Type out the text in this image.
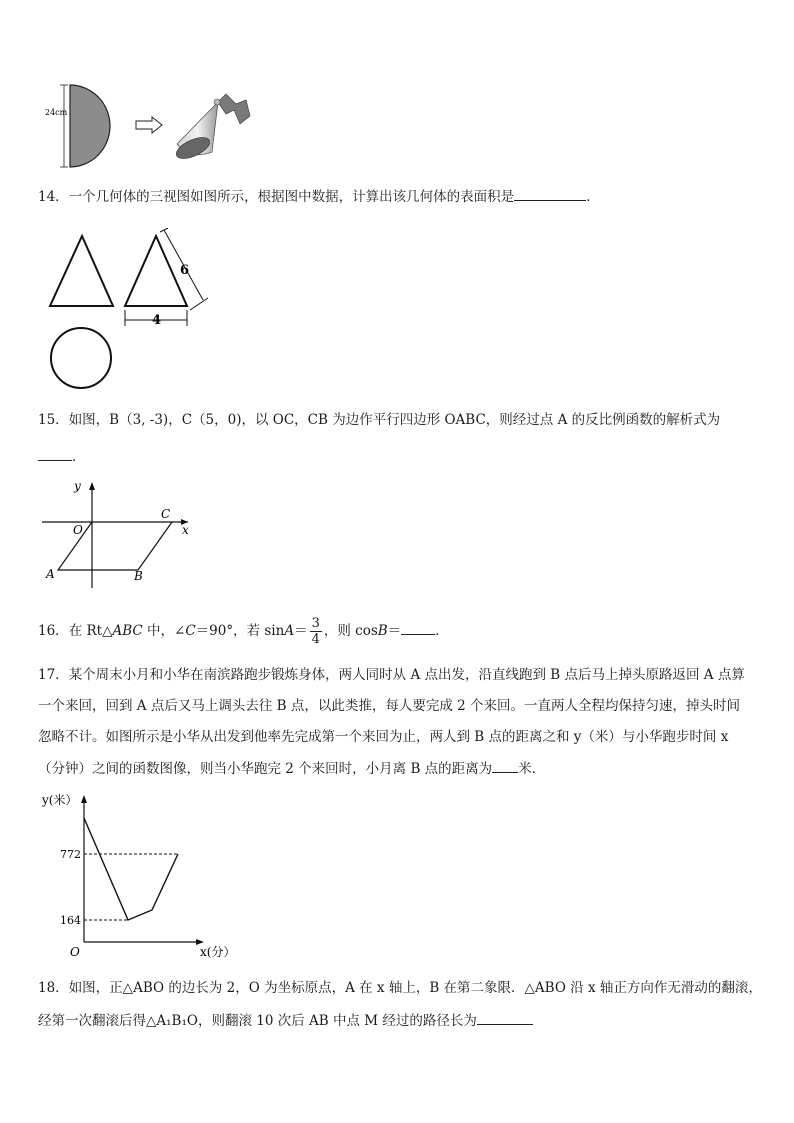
24cm
14．一个几何体的三视图如图所示，根据图中数据，计算出该几何体的表面积是	．
6
4
15．如图，B（3, -3)，C（5，0)，以 OC，CB 为边作平行四边形 OABC，则经过点 A 的反比例函数的解析式为
．
y
x
O
C
A	B
16．在 Rt△ABC 中，∠C＝90°，若 $\sin A= \frac{3}{4}$ ，则 cosB＝	．
17．某个周末小月和小华在南滨路跑步锻炼身体，两人同时从 A 点出发，沿直线跑到 B 点后马上掉头原路返回 A 点算
一个来回，回到 A 点后又马上调头去往 B 点，以此类推，每人要完成 2 个来回。一直两人全程均保持匀速，掉头时间
忽略不计。如图所示是小华从出发到他率先完成第一个来回为止，两人到 B 点的距离之和 y（米）与小华跑步时间 x
（分钟）之间的函数图像，则当小华跑完 2 个来回时，小月离 B 点的距离为 米．
y(米）
x(分）
O
772
164
18．如图，正△ABO 的边长为 2，O 为坐标原点，A 在 x 轴上，B 在第二象限．△ABO 沿 x 轴正方向作无滑动的翻滚，
经第一次翻滚后得△A₁B₁O，则翻滚 10 次后 AB 中点 M 经过的路径长为
